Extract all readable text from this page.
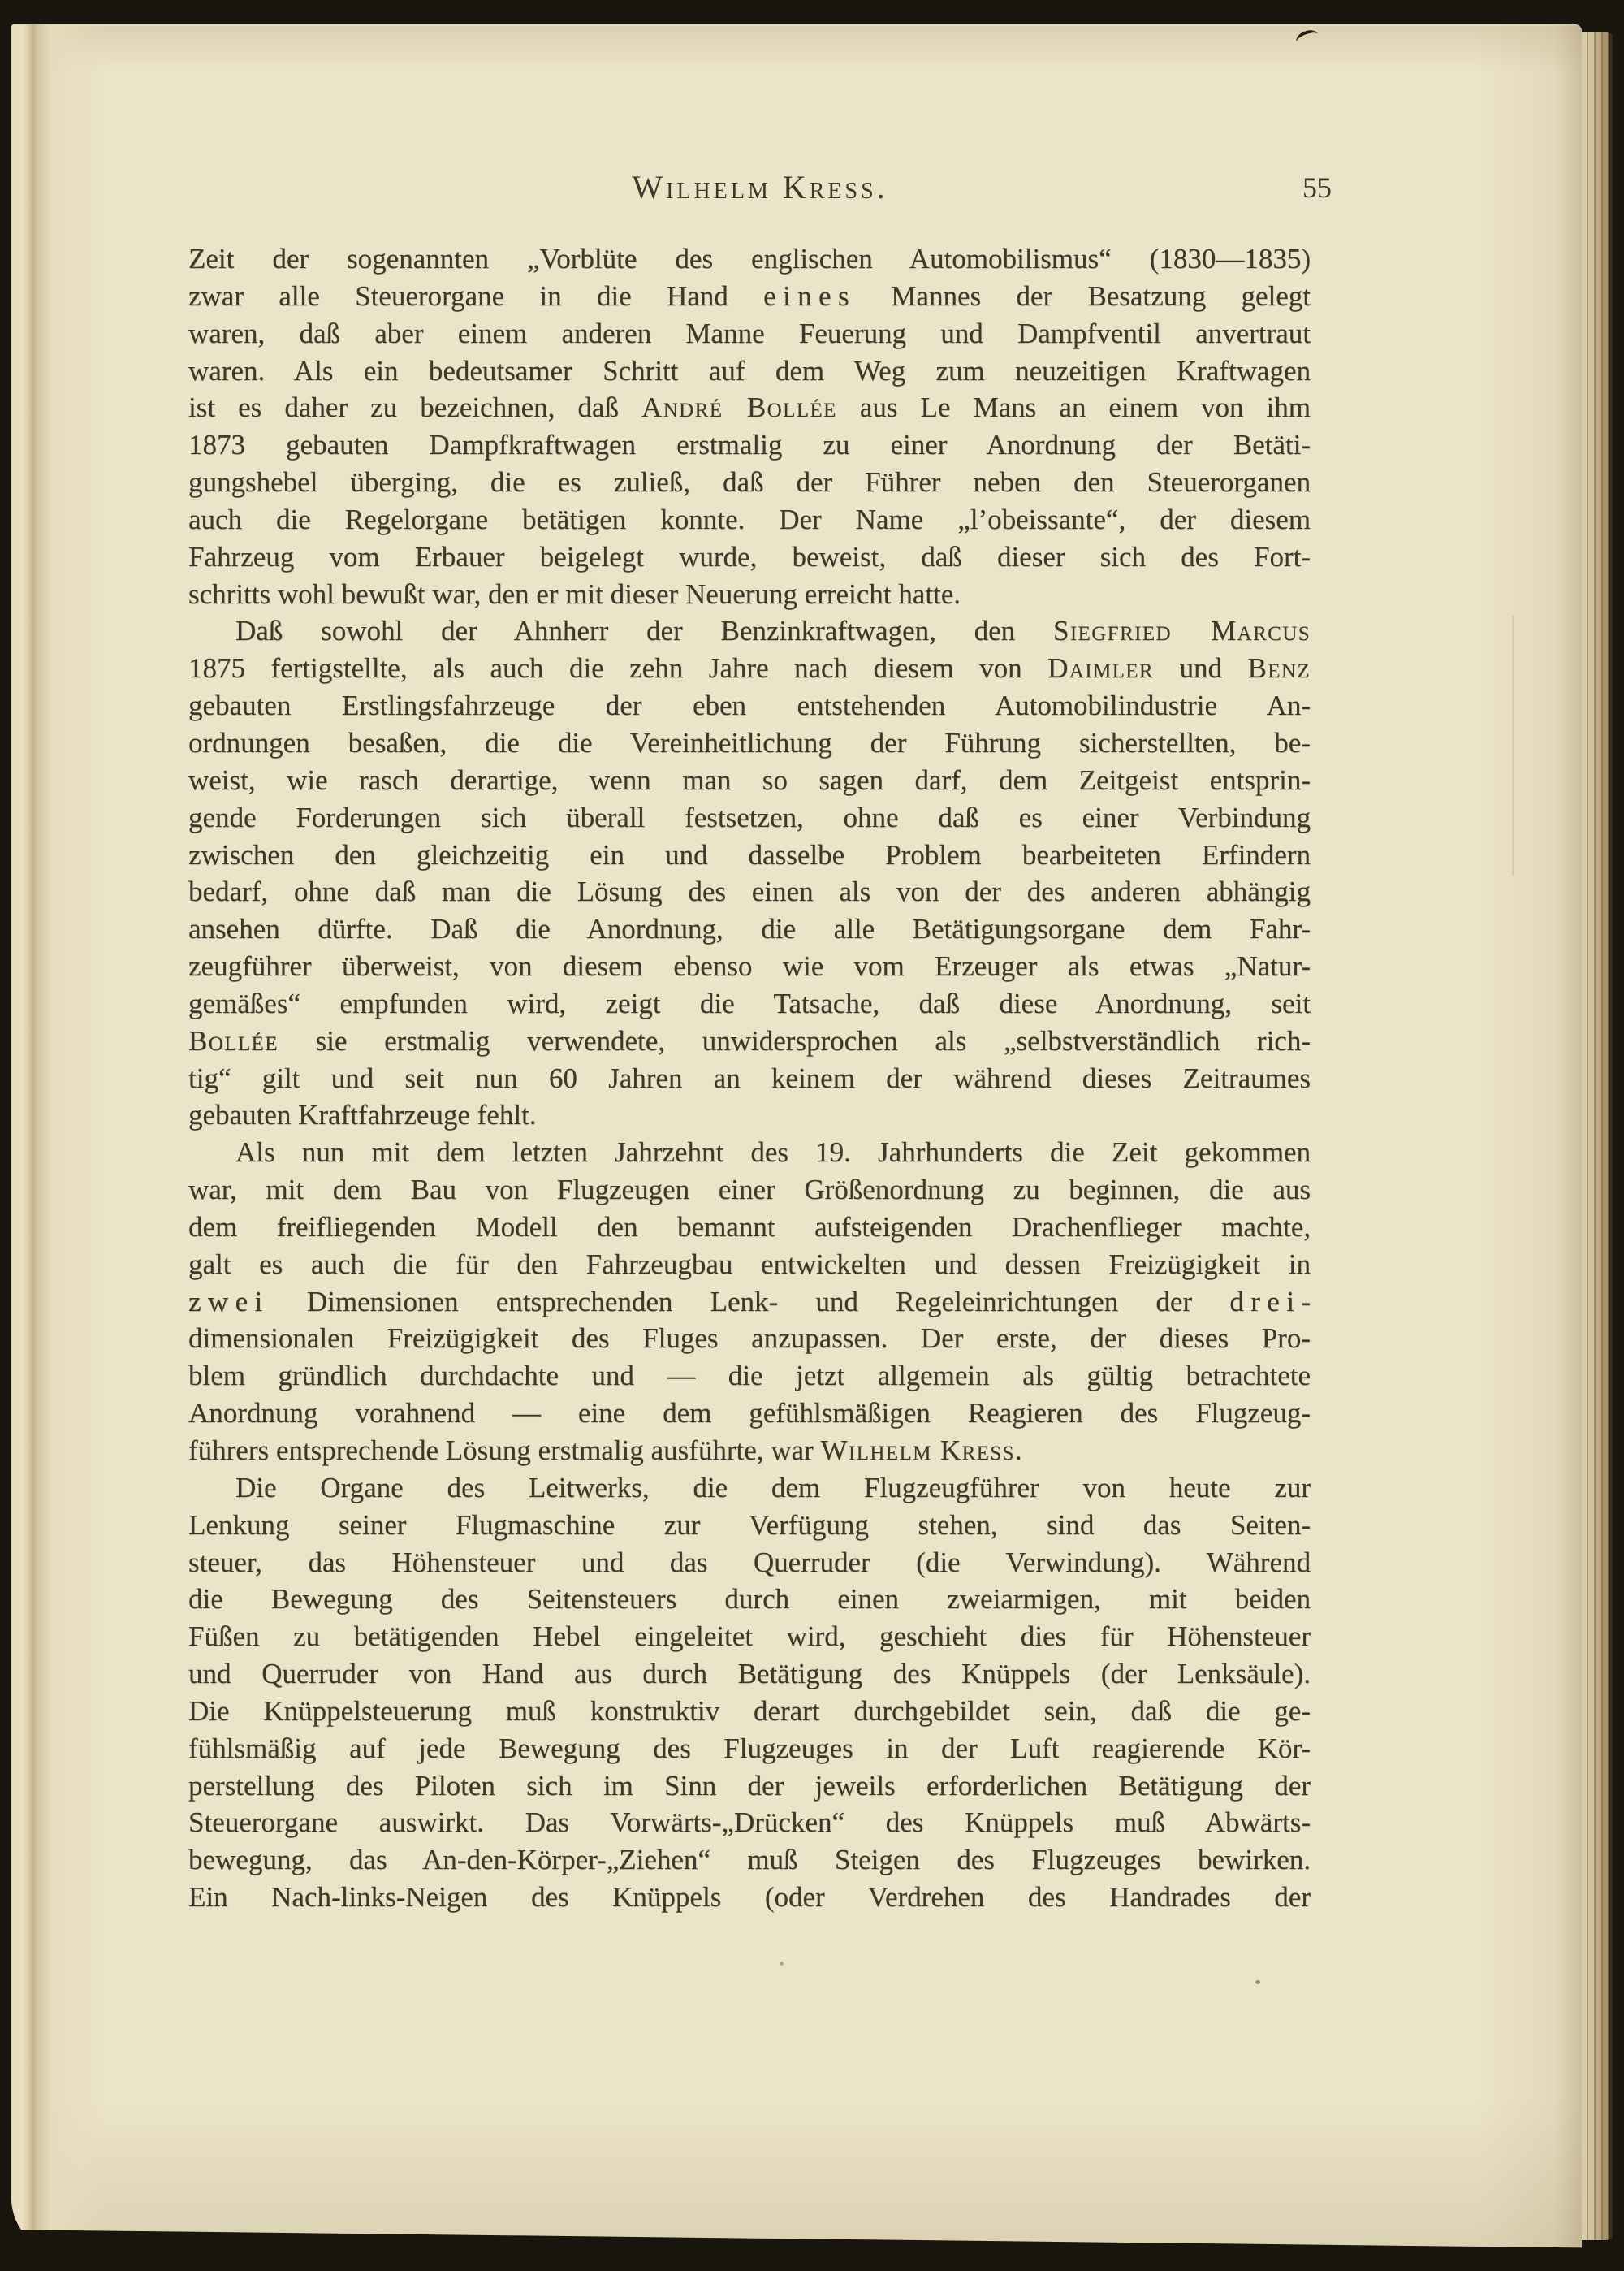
Wilhelm Kress.	55
Zeit der sogenannten „Vorblüte des englischen Automobilismus“ (1830—1835)
zwar alle Steuerorgane in die Hand eines Mannes der Besatzung gelegt
waren, daß aber einem anderen Manne Feuerung und Dampfventil anvertraut
waren. Als ein bedeutsamer Schritt auf dem Weg zum neuzeitigen Kraftwagen
ist es daher zu bezeichnen, daß André Bollée aus Le Mans an einem von ihm
1873 gebauten Dampfkraftwagen erstmalig zu einer Anordnung der Betäti-
gungshebel überging, die es zuließ, daß der Führer neben den Steuerorganen
auch die Regelorgane betätigen konnte. Der Name „l’obeissante“, der diesem
Fahrzeug vom Erbauer beigelegt wurde, beweist, daß dieser sich des Fort-
schritts wohl bewußt war, den er mit dieser Neuerung erreicht hatte.
Daß sowohl der Ahnherr der Benzinkraftwagen, den Siegfried Marcus
1875 fertigstellte, als auch die zehn Jahre nach diesem von Daimler und Benz
gebauten Erstlingsfahrzeuge der eben entstehenden Automobilindustrie An-
ordnungen besaßen, die die Vereinheitlichung der Führung sicherstellten, be-
weist, wie rasch derartige, wenn man so sagen darf, dem Zeitgeist entsprin-
gende Forderungen sich überall festsetzen, ohne daß es einer Verbindung
zwischen den gleichzeitig ein und dasselbe Problem bearbeiteten Erfindern
bedarf, ohne daß man die Lösung des einen als von der des anderen abhängig
ansehen dürfte. Daß die Anordnung, die alle Betätigungsorgane dem Fahr-
zeugführer überweist, von diesem ebenso wie vom Erzeuger als etwas „Natur-
gemäßes“ empfunden wird, zeigt die Tatsache, daß diese Anordnung, seit
Bollée sie erstmalig verwendete, unwidersprochen als „selbstverständlich rich-
tig“ gilt und seit nun 60 Jahren an keinem der während dieses Zeitraumes
gebauten Kraftfahrzeuge fehlt.
Als nun mit dem letzten Jahrzehnt des 19. Jahrhunderts die Zeit gekommen
war, mit dem Bau von Flugzeugen einer Größenordnung zu beginnen, die aus
dem freifliegenden Modell den bemannt aufsteigenden Drachenflieger machte,
galt es auch die für den Fahrzeugbau entwickelten und dessen Freizügigkeit in
zwei Dimensionen entsprechenden Lenk- und Regeleinrichtungen der drei-
dimensionalen Freizügigkeit des Fluges anzupassen. Der erste, der dieses Pro-
blem gründlich durchdachte und — die jetzt allgemein als gültig betrachtete
Anordnung vorahnend — eine dem gefühlsmäßigen Reagieren des Flugzeug-
führers entsprechende Lösung erstmalig ausführte, war Wilhelm Kress.
Die Organe des Leitwerks, die dem Flugzeugführer von heute zur
Lenkung seiner Flugmaschine zur Verfügung stehen, sind das Seiten-
steuer, das Höhensteuer und das Querruder (die Verwindung). Während
die Bewegung des Seitensteuers durch einen zweiarmigen, mit beiden
Füßen zu betätigenden Hebel eingeleitet wird, geschieht dies für Höhensteuer
und Querruder von Hand aus durch Betätigung des Knüppels (der Lenksäule).
Die Knüppelsteuerung muß konstruktiv derart durchgebildet sein, daß die ge-
fühlsmäßig auf jede Bewegung des Flugzeuges in der Luft reagierende Kör-
perstellung des Piloten sich im Sinn der jeweils erforderlichen Betätigung der
Steuerorgane auswirkt. Das Vorwärts-„Drücken“ des Knüppels muß Abwärts-
bewegung, das An-den-Körper-„Ziehen“ muß Steigen des Flugzeuges bewirken.
Ein Nach-links-Neigen des Knüppels (oder Verdrehen des Handrades der
